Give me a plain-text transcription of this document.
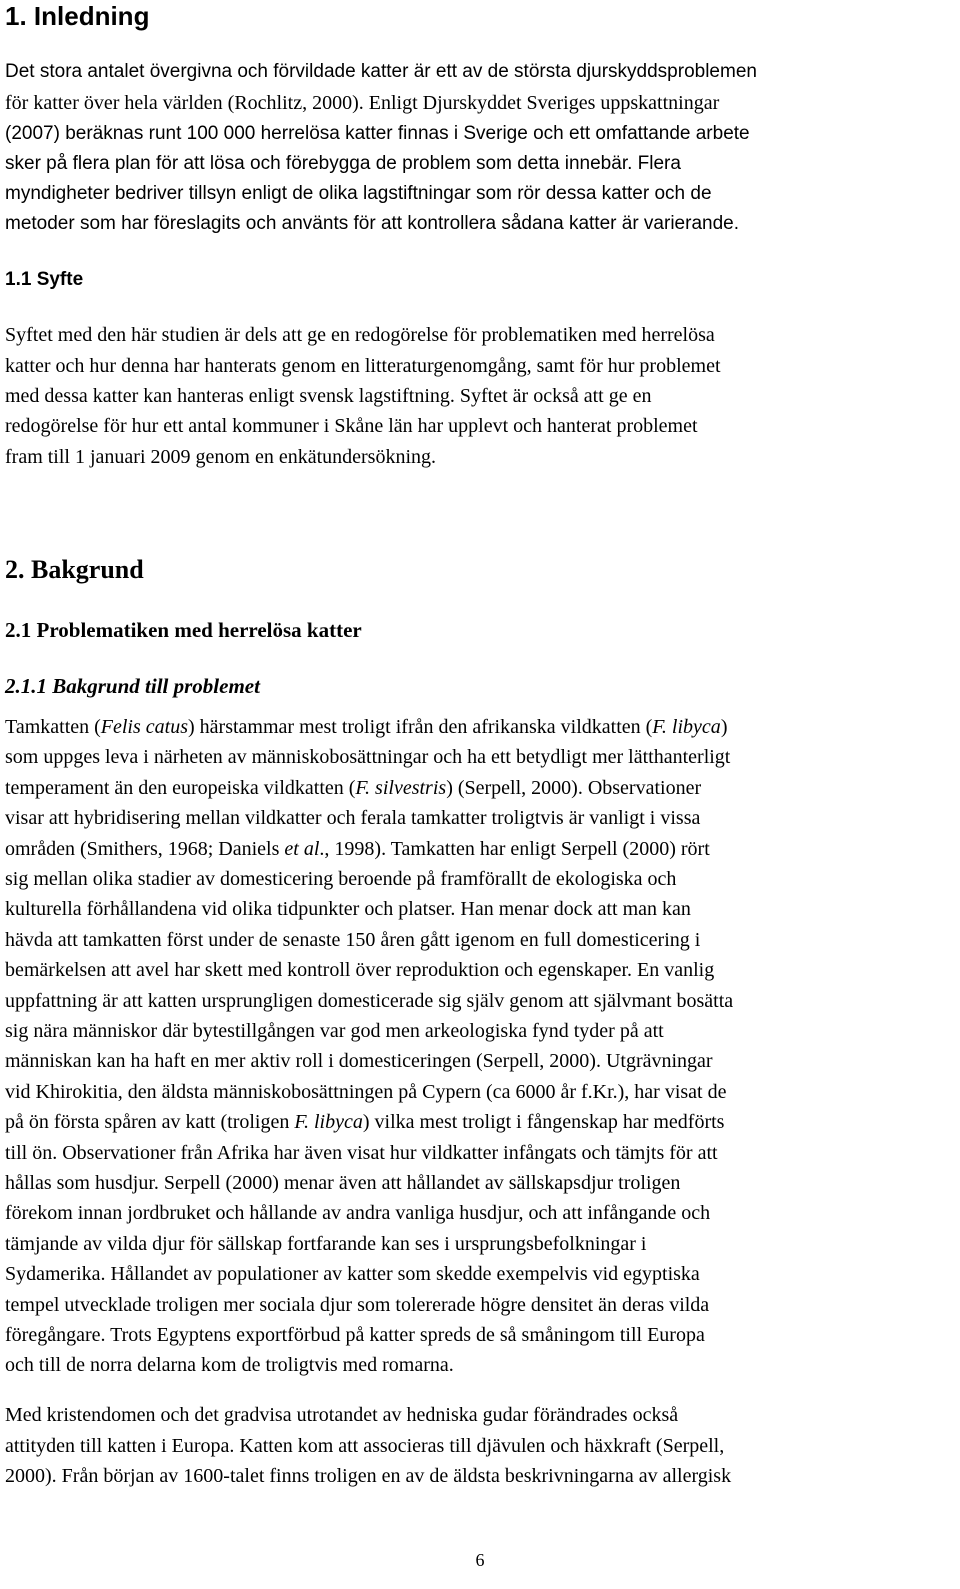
1. Inledning
Det stora antalet övergivna och förvildade katter är ett av de största djurskyddsproblemen
för katter över hela världen (Rochlitz, 2000). Enligt Djurskyddet Sveriges uppskattningar
(2007) beräknas runt 100 000 herrelösa katter finnas i Sverige och ett omfattande arbete
sker på flera plan för att lösa och förebygga de problem som detta innebär. Flera
myndigheter bedriver tillsyn enligt de olika lagstiftningar som rör dessa katter och de
metoder som har föreslagits och använts för att kontrollera sådana katter är varierande.
1.1 Syfte
Syftet med den här studien är dels att ge en redogörelse för problematiken med herrelösa
katter och hur denna har hanterats genom en litteraturgenomgång, samt för hur problemet
med dessa katter kan hanteras enligt svensk lagstiftning. Syftet är också att ge en
redogörelse för hur ett antal kommuner i Skåne län har upplevt och hanterat problemet
fram till 1 januari 2009 genom en enkätundersökning.
2. Bakgrund
2.1 Problematiken med herrelösa katter
2.1.1 Bakgrund till problemet
Tamkatten (Felis catus) härstammar mest troligt ifrån den afrikanska vildkatten (F. libyca)
som uppges leva i närheten av människobosättningar och ha ett betydligt mer lätthanterligt
temperament än den europeiska vildkatten (F. silvestris) (Serpell, 2000). Observationer
visar att hybridisering mellan vildkatter och ferala tamkatter troligtvis är vanligt i vissa
områden (Smithers, 1968; Daniels et al., 1998). Tamkatten har enligt Serpell (2000) rört
sig mellan olika stadier av domesticering beroende på framförallt de ekologiska och
kulturella förhållandena vid olika tidpunkter och platser. Han menar dock att man kan
hävda att tamkatten först under de senaste 150 åren gått igenom en full domesticering i
bemärkelsen att avel har skett med kontroll över reproduktion och egenskaper. En vanlig
uppfattning är att katten ursprungligen domesticerade sig själv genom att självmant bosätta
sig nära människor där bytestillgången var god men arkeologiska fynd tyder på att
människan kan ha haft en mer aktiv roll i domesticeringen (Serpell, 2000). Utgrävningar
vid Khirokitia, den äldsta människobosättningen på Cypern (ca 6000 år f.Kr.), har visat de
på ön första spåren av katt (troligen F. libyca) vilka mest troligt i fångenskap har medförts
till ön. Observationer från Afrika har även visat hur vildkatter infångats och tämjts för att
hållas som husdjur. Serpell (2000) menar även att hållandet av sällskapsdjur troligen
förekom innan jordbruket och hållande av andra vanliga husdjur, och att infångande och
tämjande av vilda djur för sällskap fortfarande kan ses i ursprungsbefolkningar i
Sydamerika. Hållandet av populationer av katter som skedde exempelvis vid egyptiska
tempel utvecklade troligen mer sociala djur som tolererade högre densitet än deras vilda
föregångare. Trots Egyptens exportförbud på katter spreds de så småningom till Europa
och till de norra delarna kom de troligtvis med romarna.
Med kristendomen och det gradvisa utrotandet av hedniska gudar förändrades också
attityden till katten i Europa. Katten kom att associeras till djävulen och häxkraft (Serpell,
2000). Från början av 1600-talet finns troligen en av de äldsta beskrivningarna av allergisk
6
